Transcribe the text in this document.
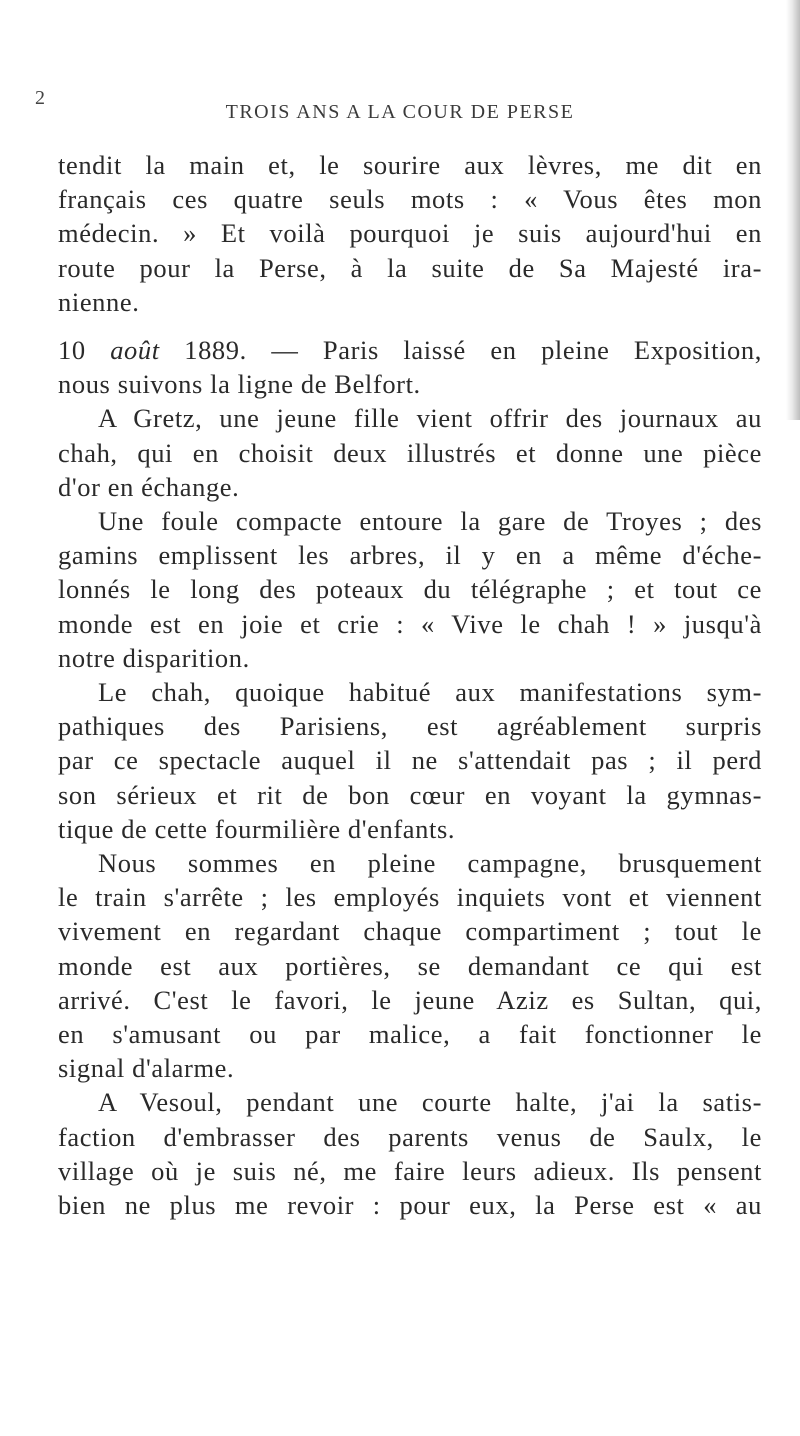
2
TROIS ANS A LA COUR DE PERSE
tendit la main et, le sourire aux lèvres, me dit en
français ces quatre seuls mots : « Vous êtes mon
médecin. » Et voilà pourquoi je suis aujourd'hui en
route pour la Perse, à la suite de Sa Majesté ira-
nienne.
10 août 1889. — Paris laissé en pleine Exposition,
nous suivons la ligne de Belfort.
A Gretz, une jeune fille vient offrir des journaux au
chah, qui en choisit deux illustrés et donne une pièce
d'or en échange.
Une foule compacte entoure la gare de Troyes ; des
gamins emplissent les arbres, il y en a même d'éche-
lonnés le long des poteaux du télégraphe ; et tout ce
monde est en joie et crie : « Vive le chah ! » jusqu'à
notre disparition.
Le chah, quoique habitué aux manifestations sym-
pathiques des Parisiens, est agréablement surpris
par ce spectacle auquel il ne s'attendait pas ; il perd
son sérieux et rit de bon cœur en voyant la gymnas-
tique de cette fourmilière d'enfants.
Nous sommes en pleine campagne, brusquement
le train s'arrête ; les employés inquiets vont et viennent
vivement en regardant chaque compartiment ; tout le
monde est aux portières, se demandant ce qui est
arrivé. C'est le favori, le jeune Aziz es Sultan, qui,
en s'amusant ou par malice, a fait fonctionner le
signal d'alarme.
A Vesoul, pendant une courte halte, j'ai la satis-
faction d'embrasser des parents venus de Saulx, le
village où je suis né, me faire leurs adieux. Ils pensent
bien ne plus me revoir : pour eux, la Perse est « au
